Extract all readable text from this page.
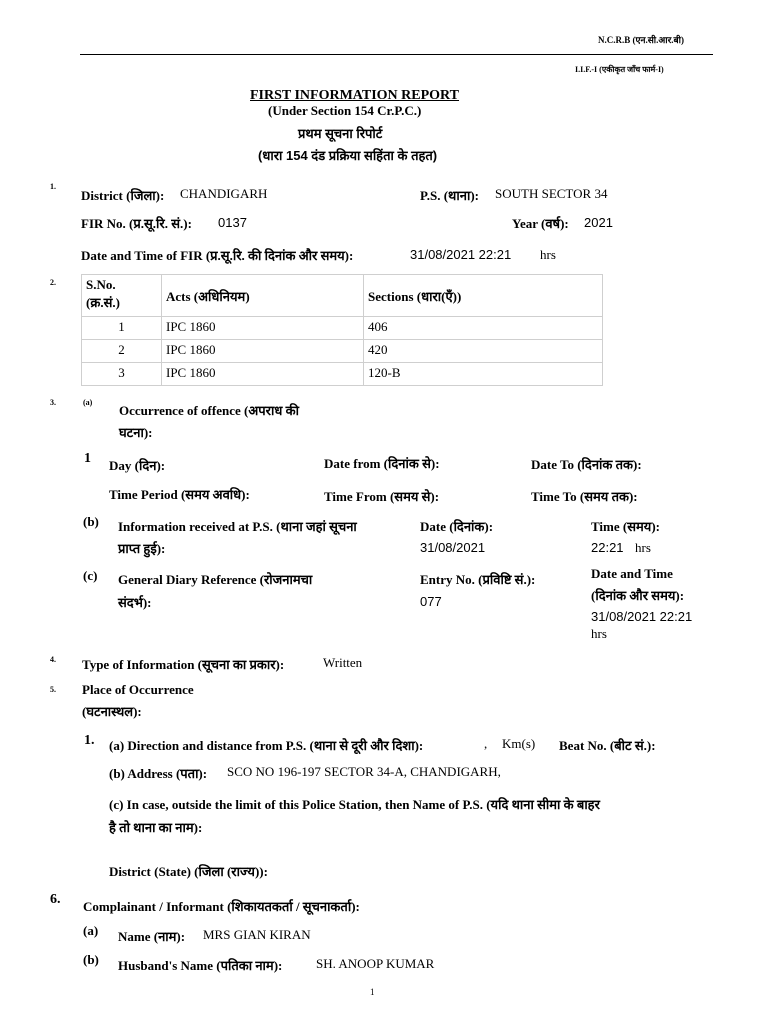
N.C.R.B (एन.सी.आर.बी)
I.I.F.-I (एकीकृत जाँच फार्म-I)
FIRST INFORMATION REPORT
(Under Section 154 Cr.P.C.)
प्रथम सूचना रिपोर्ट
(धारा 154 दंड प्रक्रिया सहिंता के तहत)
1.
District (जिला): CHANDIGARH	P.S. (थाना): SOUTH SECTOR 34
FIR No. (प्र.सू.रि. सं.): 0137	Year (वर्ष): 2021
Date and Time of FIR (प्र.सू.रि. की दिनांक और समय):	31/08/2021 22:21 hrs
2. S.No.
(क्र.सं.)	Acts (अधिनियम)	Sections (धारा(एँ))
1	IPC 1860	406
2	IPC 1860	420
3	IPC 1860	120-B
3.	(a)
Occurrence of offence (अपराध की
घटना):
1 Day (दिन):	Date from (दिनांक से):	Date To (दिनांक तक):
Time Period (समय अवधि):	Time From (समय से):	Time To (समय तक):
(b) Information received at P.S. (थाना जहां सूचना
प्राप्त हुई):
Date (दिनांक):
31/08/2021
Time (समय):
22:21 hrs
(c) General Diary Reference (रोजनामचा
संदर्भ):
Entry No. (प्रविष्टि सं.):
077
Date and Time
(दिनांक और समय):
31/08/2021 22:21
hrs
4. Type of Information (सूचना का प्रकार):	Written
5. Place of Occurrence
(घटनास्थल):
1. (a) Direction and distance from P.S. (थाना से दूरी और दिशा):	, Km(s) Beat No. (बीट सं.):
(b) Address (पता): SCO NO 196-197 SECTOR 34-A, CHANDIGARH,
(c) In case, outside the limit of this Police Station, then Name of P.S. (यदि थाना सीमा के बाहर
है तो थाना का नाम):
District (State) (जिला (राज्य)):
6. Complainant / Informant (शिकायतकर्ता / सूचनाकर्ता):
(a) Name (नाम): MRS GIAN KIRAN
(b) Husband's Name (पतिका नाम):	SH. ANOOP KUMAR
1
